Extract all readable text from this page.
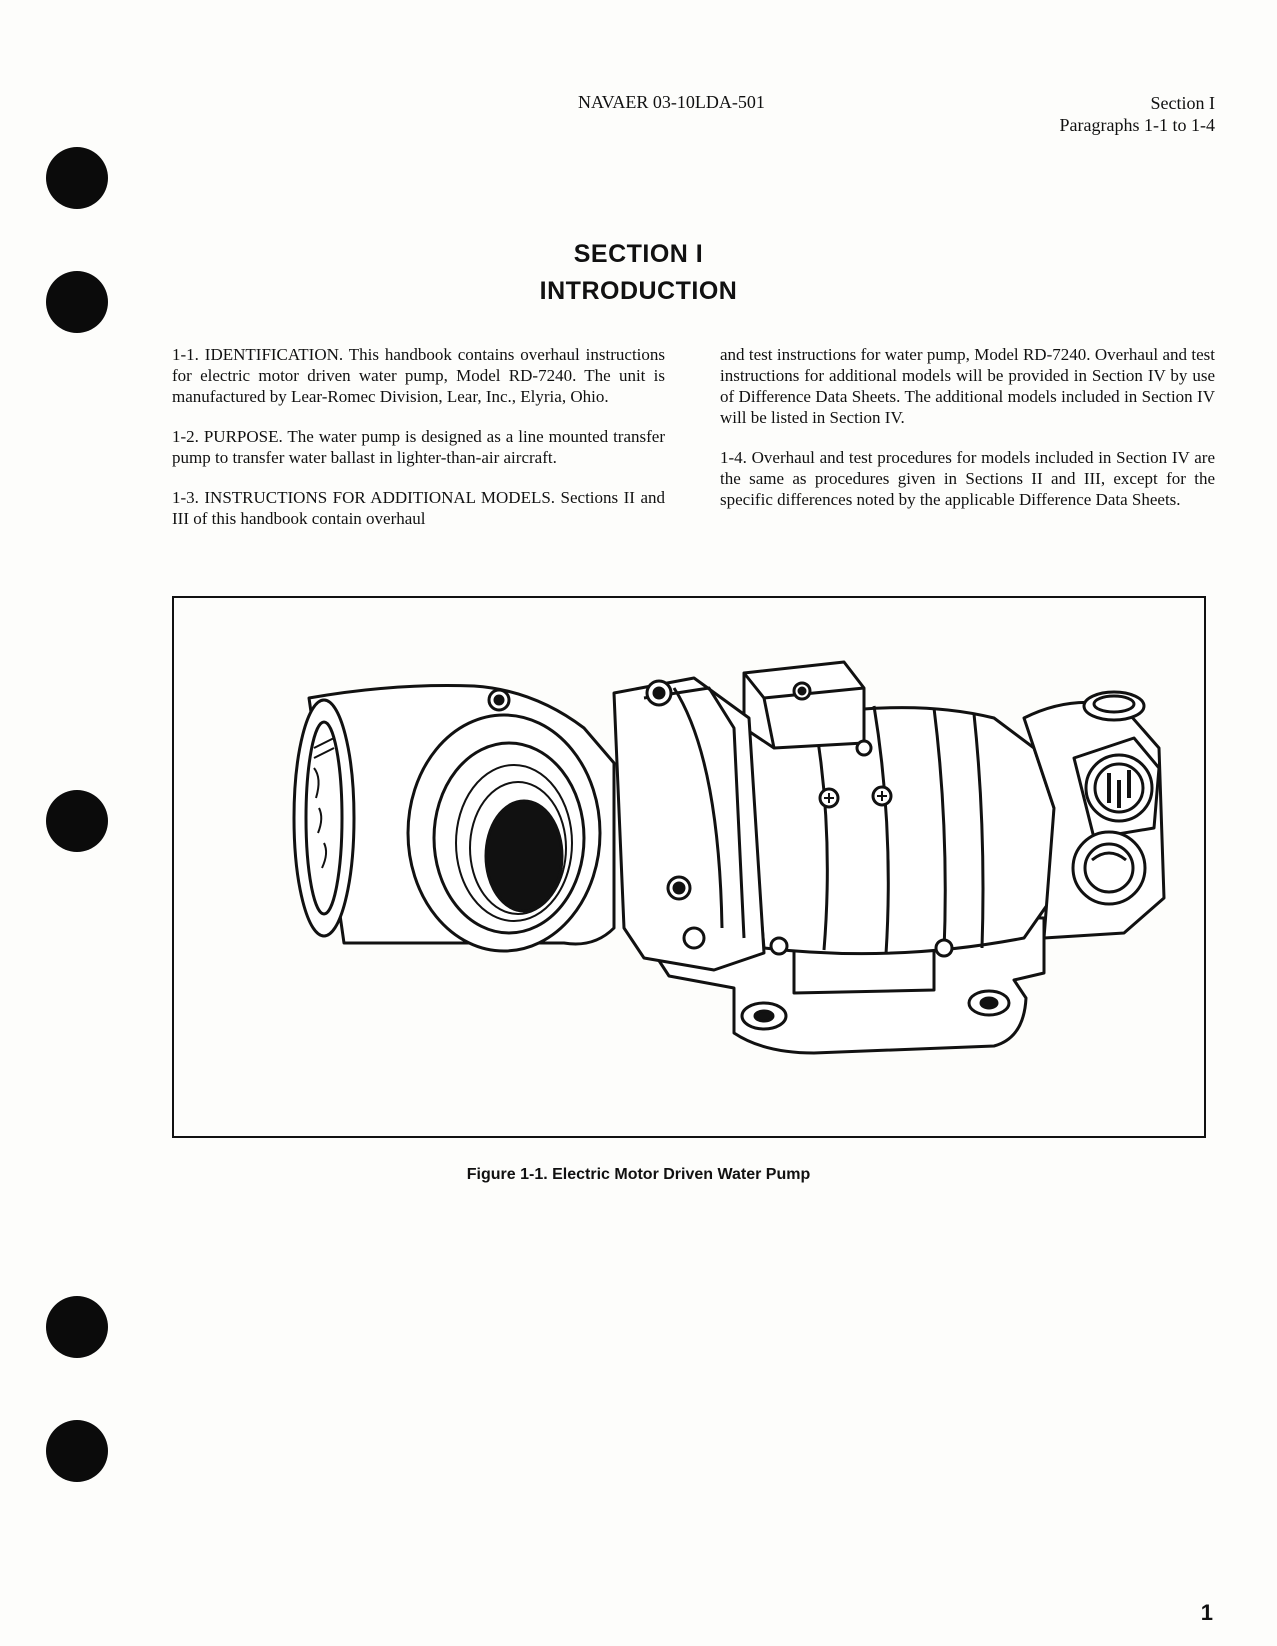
NAVAER 03-10LDA-501	Section I
Paragraphs 1-1 to 1-4
SECTION I
INTRODUCTION

1-1. IDENTIFICATION. This handbook contains overhaul instructions for electric motor driven water pump, Model RD-7240. The unit is manufactured by Lear-Romec Division, Lear, Inc., Elyria, Ohio.

1-2. PURPOSE. The water pump is designed as a line mounted transfer pump to transfer water ballast in lighter-than-air aircraft.

1-3. INSTRUCTIONS FOR ADDITIONAL MODELS. Sections II and III of this handbook contain overhaul

and test instructions for water pump, Model RD-7240. Overhaul and test instructions for additional models will be provided in Section IV by use of Difference Data Sheets. The additional models included in Section IV will be listed in Section IV.

1-4. Overhaul and test procedures for models included in Section IV are the same as procedures given in Sections II and III, except for the specific differences noted by the applicable Difference Data Sheets.

Figure 1-1. Electric Motor Driven Water Pump
1
